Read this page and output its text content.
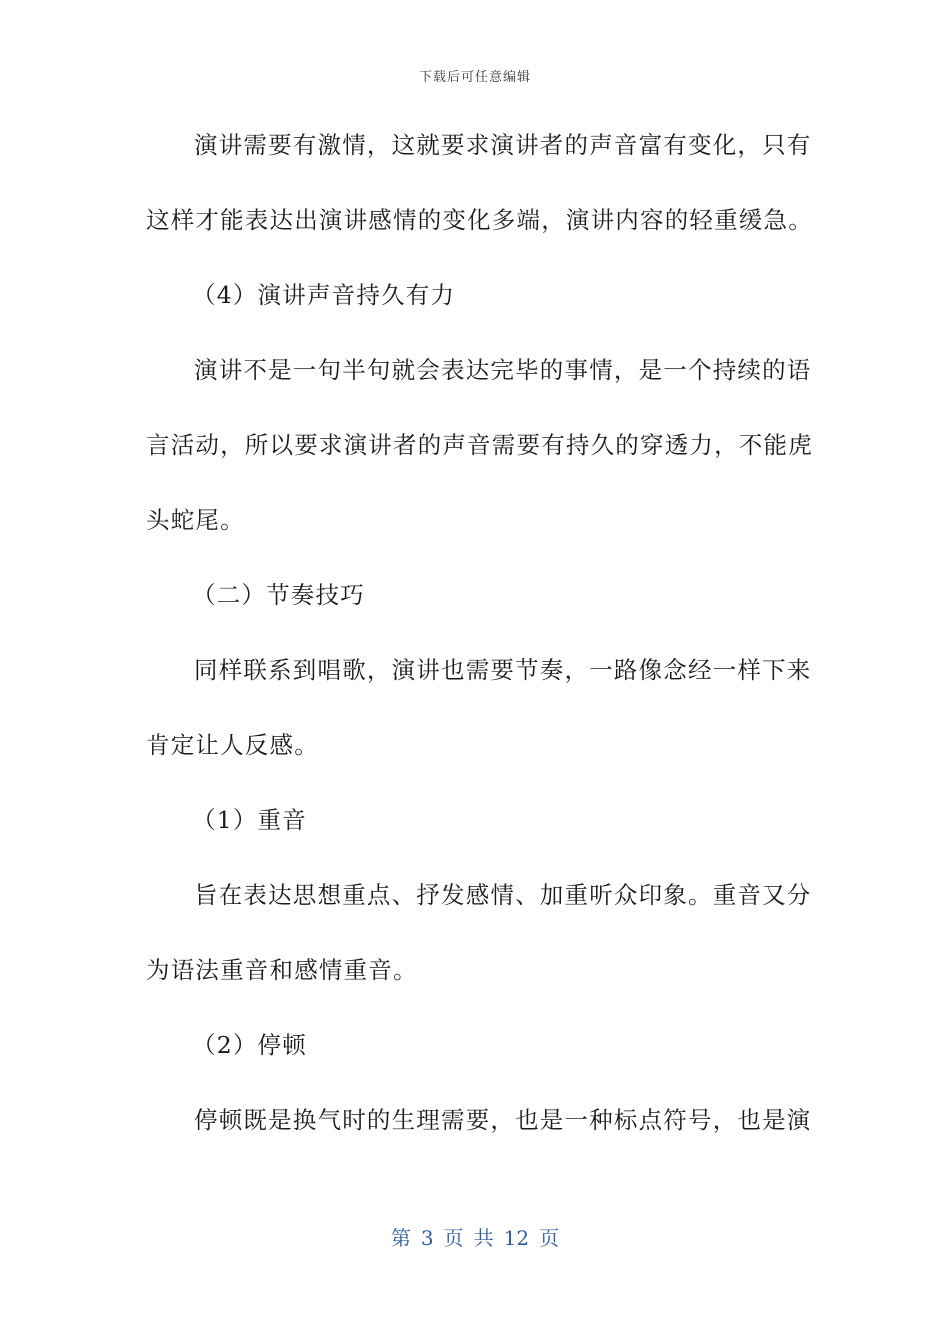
下载后可任意编辑
演讲需要有激情，这就要求演讲者的声音富有变化，只有
这样才能表达出演讲感情的变化多端，演讲内容的轻重缓急。
（4）演讲声音持久有力
演讲不是一句半句就会表达完毕的事情，是一个持续的语
言活动，所以要求演讲者的声音需要有持久的穿透力，不能虎
头蛇尾。
（二）节奏技巧
同样联系到唱歌，演讲也需要节奏，一路像念经一样下来
肯定让人反感。
（1）重音
旨在表达思想重点、抒发感情、加重听众印象。重音又分
为语法重音和感情重音。
（2）停顿
停顿既是换气时的生理需要，也是一种标点符号，也是演
第 3 页 共 12 页
